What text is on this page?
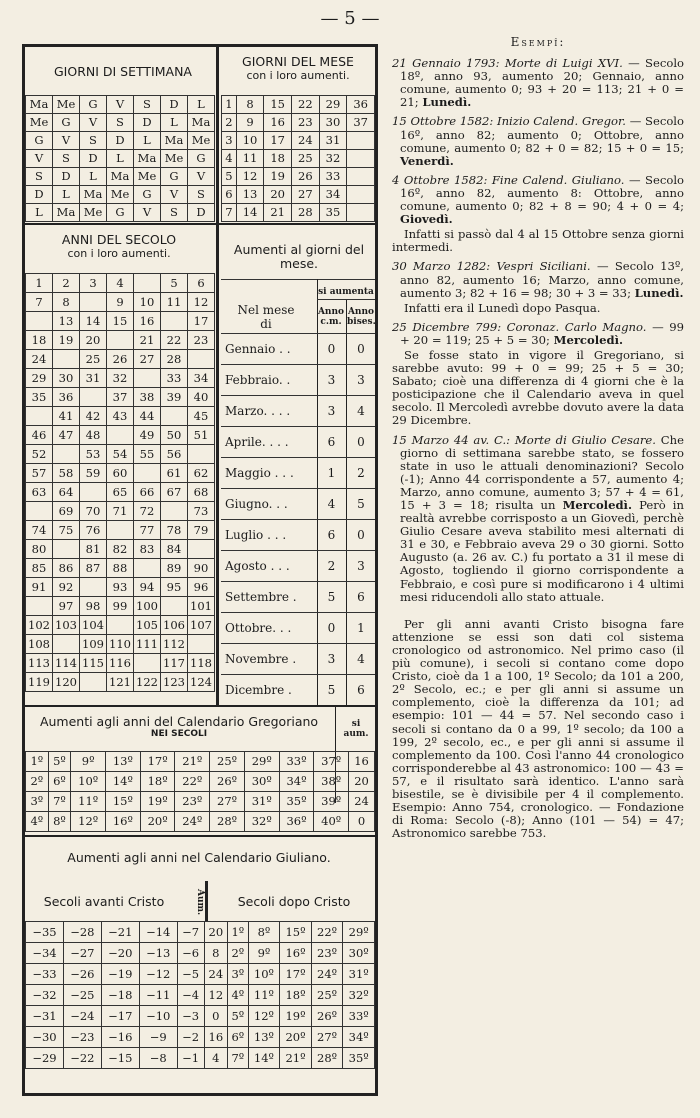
— 5 —
GIORNI DI SETTIMANA
Ma	Me	G	V	S	D	L
Me	G	V	S	D	L	Ma
G	V	S	D	L	Ma	Me
V	S	D	L	Ma	Me	G
S	D	L	Ma	Me	G	V
D	L	Ma	Me	G	V	S
L	Ma	Me	G	V	S	D
GIORNI DEL MESE
con i loro aumenti.
1	8	15	22	29	36
2	9	16	23	30	37
3	10	17	24	31	
4	11	18	25	32	
5	12	19	26	33	
6	13	20	27	34	
7	14	21	28	35	
ANNI DEL SECOLO
con i loro aumenti.
1	2	3	4		5	6
7	8		9	10	11	12
	13	14	15	16		17
18	19	20		21	22	23
24		25	26	27	28	
29	30	31	32		33	34
35	36		37	38	39	40
	41	42	43	44		45
46	47	48		49	50	51
52		53	54	55	56	
57	58	59	60		61	62
63	64		65	66	67	68
	69	70	71	72		73
74	75	76		77	78	79
80		81	82	83	84	
85	86	87	88		89	90
91	92		93	94	95	96
	97	98	99	100		101
102	103	104		105	106	107
108		109	110	111	112	
113	114	115	116		117	118
119	120		121	122	123	124
Aumenti al giorni del mese.
si aumenta
Nel mese di
Anno c.m.
Anno bises.
Gennaio . .	0	0
Febbraio. .	3	3
Marzo. . . .	3	4
Aprile. . . .	6	0
Maggio . . .	1	2
Giugno. . .	4	5
Luglio . . .	6	0
Agosto . . .	2	3
Settembre .	5	6
Ottobre. . .	0	1
Novembre .	3	4
Dicembre .	5	6
Aumenti agli anni del Calendario Gregoriano
NEI SECOLI
si aum.
1º	5º	9º	13º	17º	21º	25º	29º	33º	37º	16
2º	6º	10º	14º	18º	22º	26º	30º	34º	38º	20
3º	7º	11º	15º	19º	23º	27º	31º	35º	39º	24
4º	8º	12º	16º	20º	24º	28º	32º	36º	40º	0
Aumenti agli anni nel Calendario Giuliano.
Secoli avanti Cristo	Aum.	Secoli dopo Cristo
−35	−28	−21	−14	−7	20	1º	8º	15º	22º	29º
−34	−27	−20	−13	−6	8	2º	9º	16º	23º	30º
−33	−26	−19	−12	−5	24	3º	10º	17º	24º	31º
−32	−25	−18	−11	−4	12	4º	11º	18º	25º	32º
−31	−24	−17	−10	−3	0	5º	12º	19º	26º	33º
−30	−23	−16	−9	−2	16	6º	13º	20º	27º	34º
−29	−22	−15	−8	−1	4	7º	14º	21º	28º	35º
Esempî:

21 Gennaio 1793: Morte di Luigi XVI. — Secolo 18º, anno 93, aumento 20; Gennaio, anno comune, aumento 0; 93 + 20 = 113; 21 + 0 = 21; Lunedì.

15 Ottobre 1582: Inizio Calend. Gregor. — Secolo 16º, anno 82; aumento 0; Ottobre, anno comune, aumento 0; 82 + 0 = 82; 15 + 0 = 15; Venerdì.

4 Ottobre 1582: Fine Calend. Giuliano. — Secolo 16º, anno 82, aumento 8: Ottobre, anno comune, aumento 0; 82 + 8 = 90; 4 + 0 = 4; Giovedì.

Infatti si passò dal 4 al 15 Ottobre senza giorni intermedi.

30 Marzo 1282: Vespri Siciliani. — Secolo 13º, anno 82, aumento 16; Marzo, anno comune, aumento 3; 82 + 16 = 98; 30 + 3 = 33; Lunedì.

Infatti era il Lunedì dopo Pasqua.

25 Dicembre 799: Coronaz. Carlo Magno. — 99 + 20 = 119; 25 + 5 = 30; Mercoledì.

Se fosse stato in vigore il Gregoriano, si sarebbe avuto: 99 + 0 = 99; 25 + 5 = 30; Sabato; cioè una differenza di 4 giorni che è la posticipazione che il Calendario aveva in quel secolo. Il Mercoledì avrebbe dovuto avere la data 29 Dicembre.

15 Marzo 44 av. C.: Morte di Giulio Cesare. Che giorno di settimana sarebbe stato, se fossero state in uso le attuali denominazioni? Secolo (-1); Anno 44 corrispondente a 57, aumento 4; Marzo, anno comune, aumento 3; 57 + 4 = 61, 15 + 3 = 18; risulta un Mercoledì. Però in realtà avrebbe corrisposto a un Giovedì, perchè Giulio Cesare aveva stabilito mesi alternati di 31 e 30, e Febbraio aveva 29 o 30 giorni. Sotto Augusto (a. 26 av. C.) fu portato a 31 il mese di Agosto, togliendo il giorno corrispondente a Febbraio, e così pure si modificarono i 4 ultimi mesi riducendoli allo stato attuale.

Per gli anni avanti Cristo bisogna fare attenzione se essi son dati col sistema cronologico od astronomico. Nel primo caso (il più comune), i secoli si contano come dopo Cristo, cioè da 1 a 100, 1º Secolo; da 101 a 200, 2º Secolo, ec.; e per gli anni si assume un complemento, cioè la differenza da 101; ad esempio: 101 — 44 = 57. Nel secondo caso i secoli si contano da 0 a 99, 1º secolo; da 100 a 199, 2º secolo, ec., e per gli anni si assume il complemento da 100. Così l'anno 44 cronologico corrisponderebbe al 43 astronomico: 100 — 43 = 57, e il risultato sarà identico. L'anno sarà bisestile, se è divisibile per 4 il complemento. Esempio: Anno 754, cronologico. — Fondazione di Roma: Secolo (-8); Anno (101 — 54) = 47; Astronomico sarebbe 753.
